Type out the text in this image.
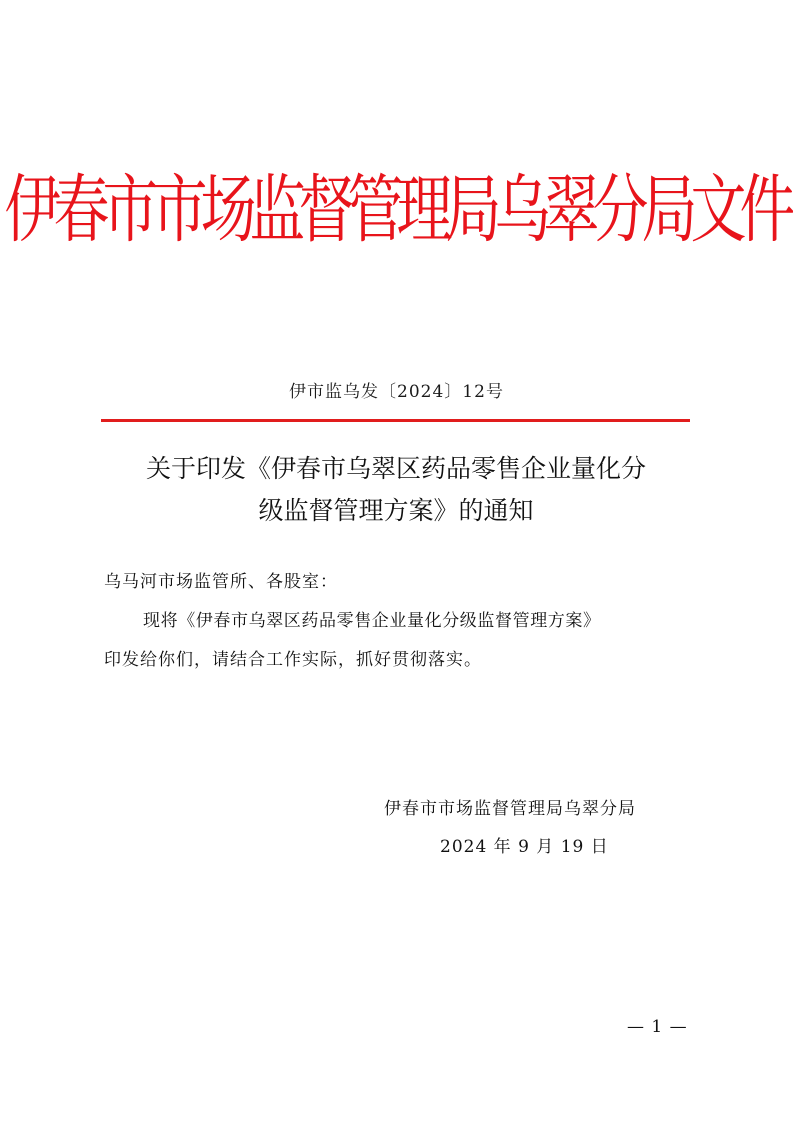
伊春市市场监督管理局乌翠分局文件
伊市监乌发〔2024〕12号
关于印发《伊春市乌翠区药品零售企业量化分
级监督管理方案》的通知
乌马河市场监管所、各股室：
现将《伊春市乌翠区药品零售企业量化分级监督管理方案》
印发给你们，请结合工作实际，抓好贯彻落实。
伊春市市场监督管理局乌翠分局
2024 年 9 月 19 日
— 1 —
